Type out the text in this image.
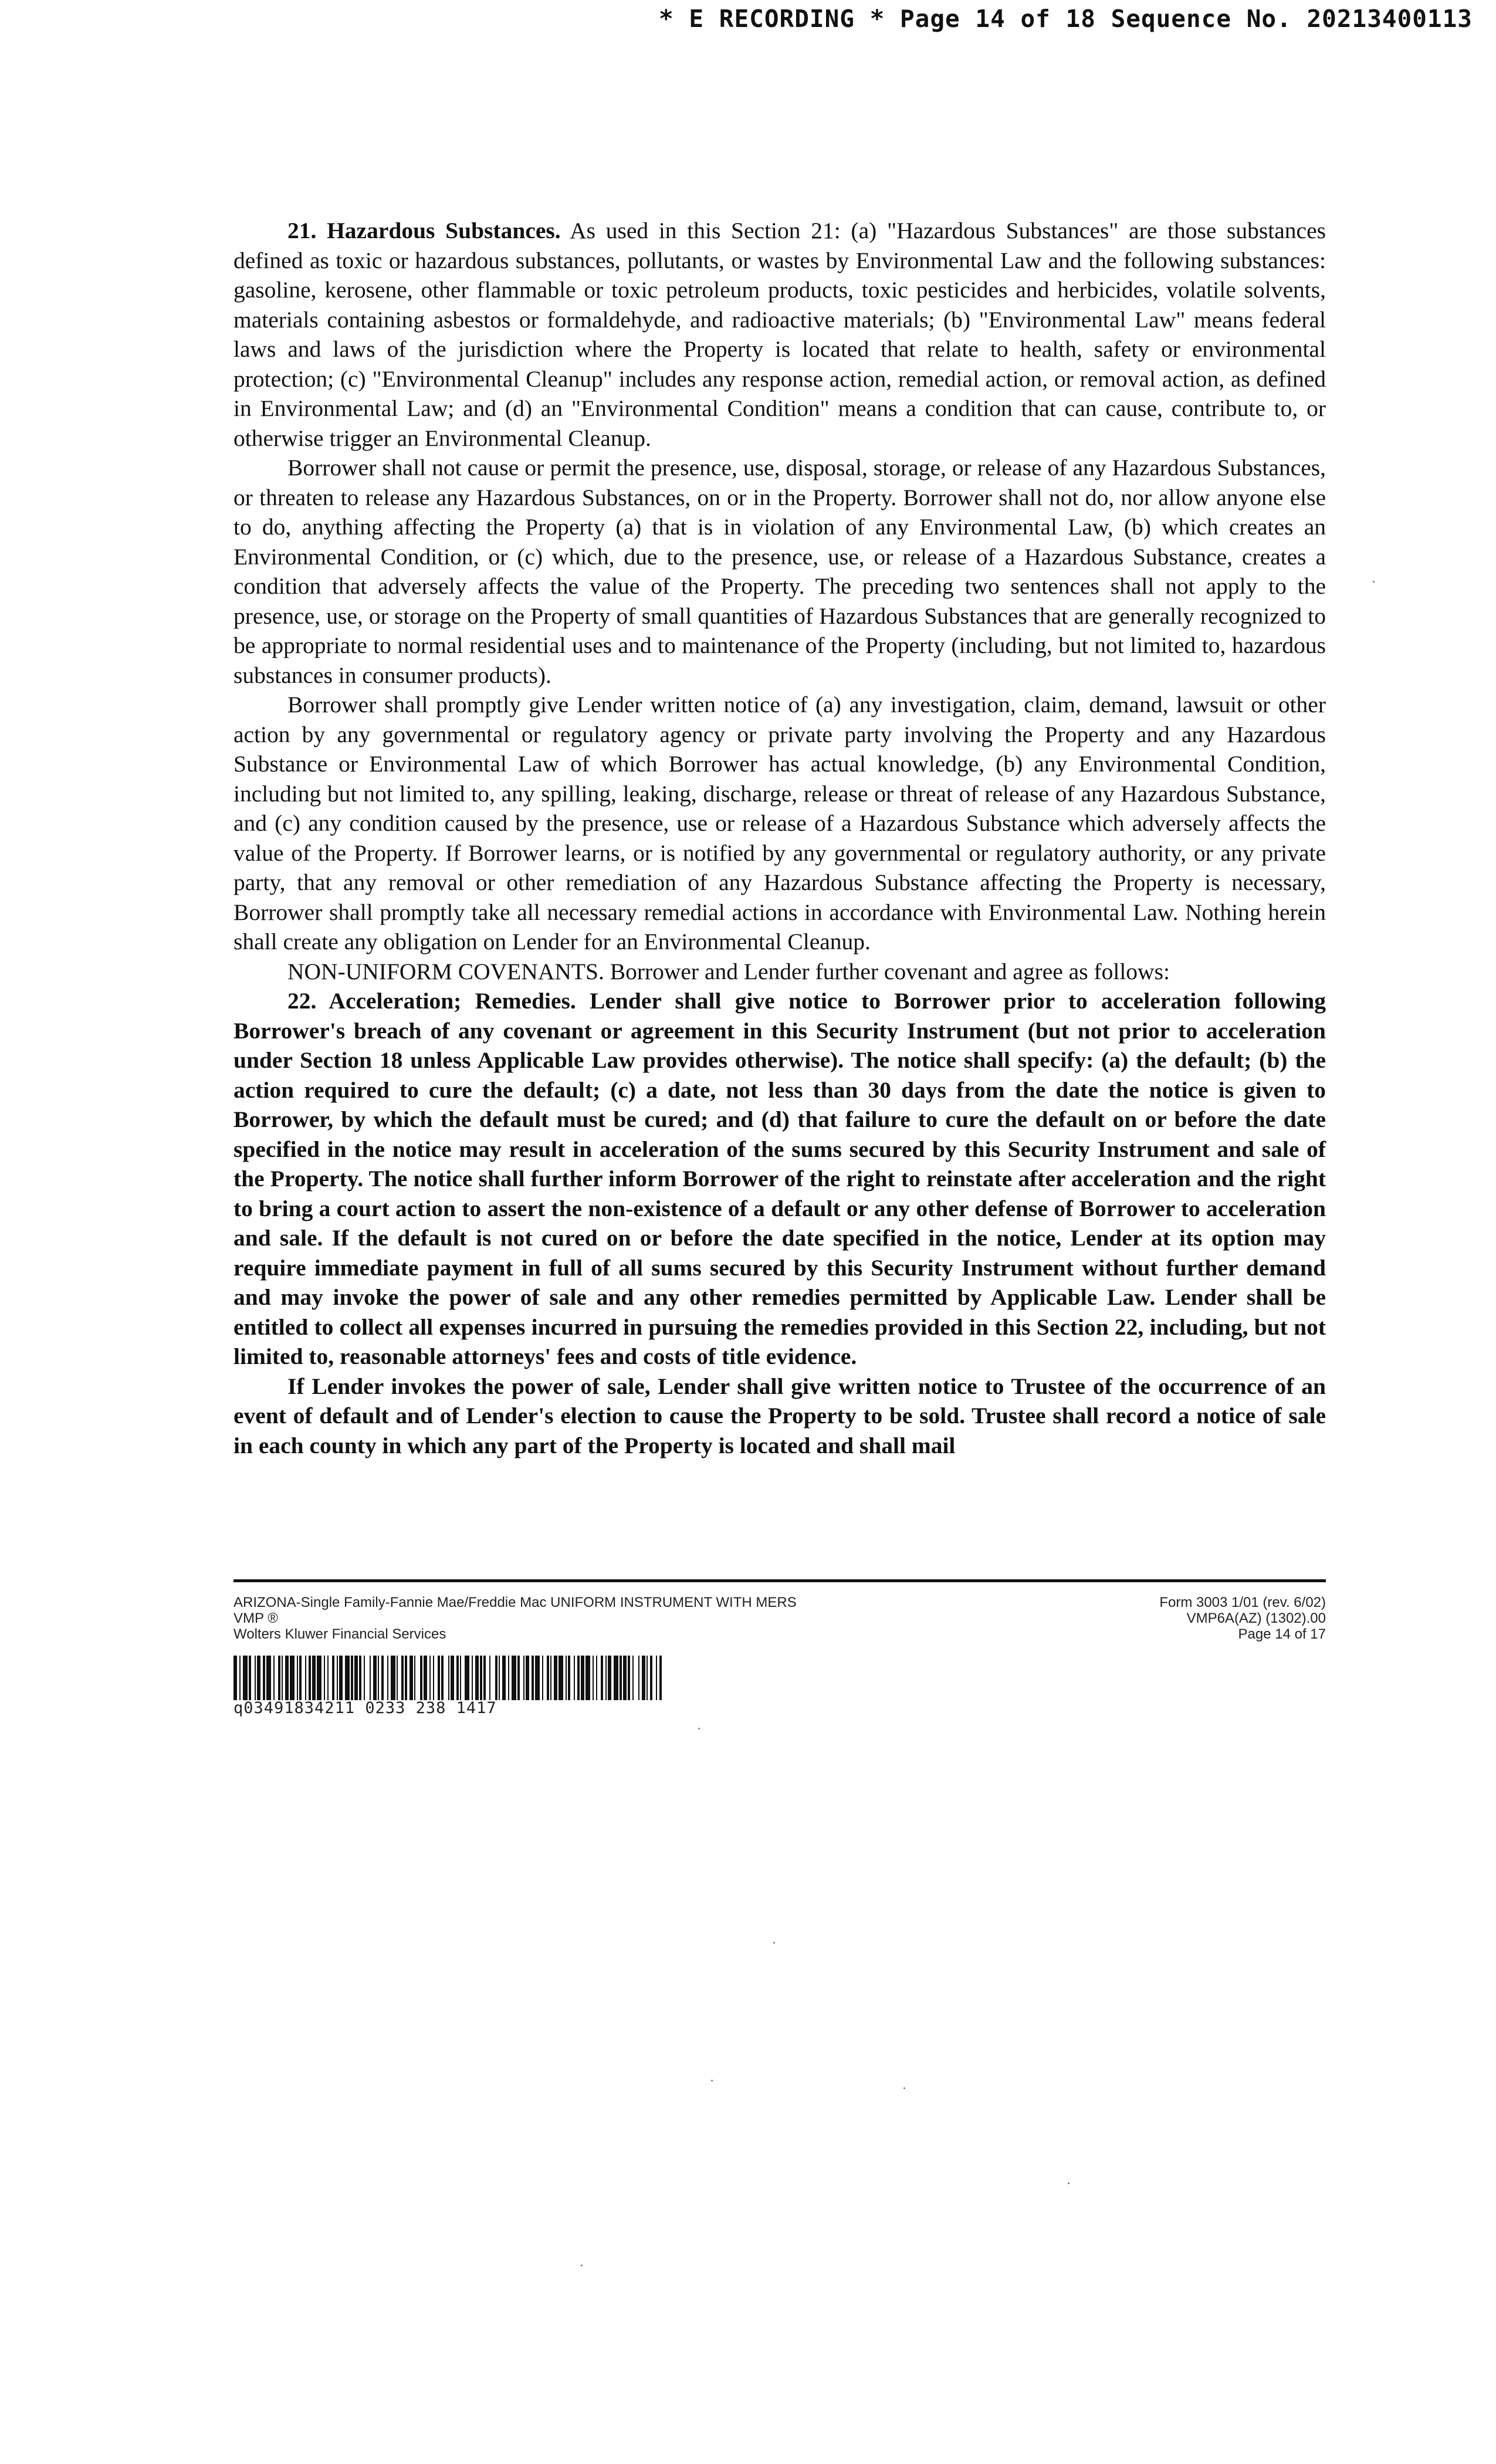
* E RECORDING * Page 14 of 18 Sequence No. 20213400113

21. Hazardous Substances. As used in this Section 21: (a) "Hazardous Substances" are those substances defined as toxic or hazardous substances, pollutants, or wastes by Environmental Law and the following substances: gasoline, kerosene, other flammable or toxic petroleum products, toxic pesticides and herbicides, volatile solvents, materials containing asbestos or formaldehyde, and radioactive materials; (b) "Environmental Law" means federal laws and laws of the jurisdiction where the Property is located that relate to health, safety or environmental protection; (c) "Environmental Cleanup" includes any response action, remedial action, or removal action, as defined in Environmental Law; and (d) an "Environmental Condition" means a condition that can cause, contribute to, or otherwise trigger an Environmental Cleanup.

Borrower shall not cause or permit the presence, use, disposal, storage, or release of any Hazardous Substances, or threaten to release any Hazardous Substances, on or in the Property. Borrower shall not do, nor allow anyone else to do, anything affecting the Property (a) that is in violation of any Environmental Law, (b) which creates an Environmental Condition, or (c) which, due to the presence, use, or release of a Hazardous Substance, creates a condition that adversely affects the value of the Property. The preceding two sentences shall not apply to the presence, use, or storage on the Property of small quantities of Hazardous Substances that are generally recognized to be appropriate to normal residential uses and to maintenance of the Property (including, but not limited to, hazardous substances in consumer products).

Borrower shall promptly give Lender written notice of (a) any investigation, claim, demand, lawsuit or other action by any governmental or regulatory agency or private party involving the Property and any Hazardous Substance or Environmental Law of which Borrower has actual knowledge, (b) any Environmental Condition, including but not limited to, any spilling, leaking, discharge, release or threat of release of any Hazardous Substance, and (c) any condition caused by the presence, use or release of a Hazardous Substance which adversely affects the value of the Property. If Borrower learns, or is notified by any governmental or regulatory authority, or any private party, that any removal or other remediation of any Hazardous Substance affecting the Property is necessary, Borrower shall promptly take all necessary remedial actions in accordance with Environmental Law. Nothing herein shall create any obligation on Lender for an Environmental Cleanup.

NON-UNIFORM COVENANTS. Borrower and Lender further covenant and agree as follows:

22. Acceleration; Remedies. Lender shall give notice to Borrower prior to acceleration following Borrower's breach of any covenant or agreement in this Security Instrument (but not prior to acceleration under Section 18 unless Applicable Law provides otherwise). The notice shall specify: (a) the default; (b) the action required to cure the default; (c) a date, not less than 30 days from the date the notice is given to Borrower, by which the default must be cured; and (d) that failure to cure the default on or before the date specified in the notice may result in acceleration of the sums secured by this Security Instrument and sale of the Property. The notice shall further inform Borrower of the right to reinstate after acceleration and the right to bring a court action to assert the non-existence of a default or any other defense of Borrower to acceleration and sale. If the default is not cured on or before the date specified in the notice, Lender at its option may require immediate payment in full of all sums secured by this Security Instrument without further demand and may invoke the power of sale and any other remedies permitted by Applicable Law. Lender shall be entitled to collect all expenses incurred in pursuing the remedies provided in this Section 22, including, but not limited to, reasonable attorneys' fees and costs of title evidence.

If Lender invokes the power of sale, Lender shall give written notice to Trustee of the occurrence of an event of default and of Lender's election to cause the Property to be sold. Trustee shall record a notice of sale in each county in which any part of the Property is located and shall mail

ARIZONA-Single Family-Fannie Mae/Freddie Mac UNIFORM INSTRUMENT WITH MERS
VMP ®
Wolters Kluwer Financial Services
Form 3003 1/01 (rev. 6/02)
VMP6A(AZ) (1302).00
Page 14 of 17
q03491834211 0233 238 1417
